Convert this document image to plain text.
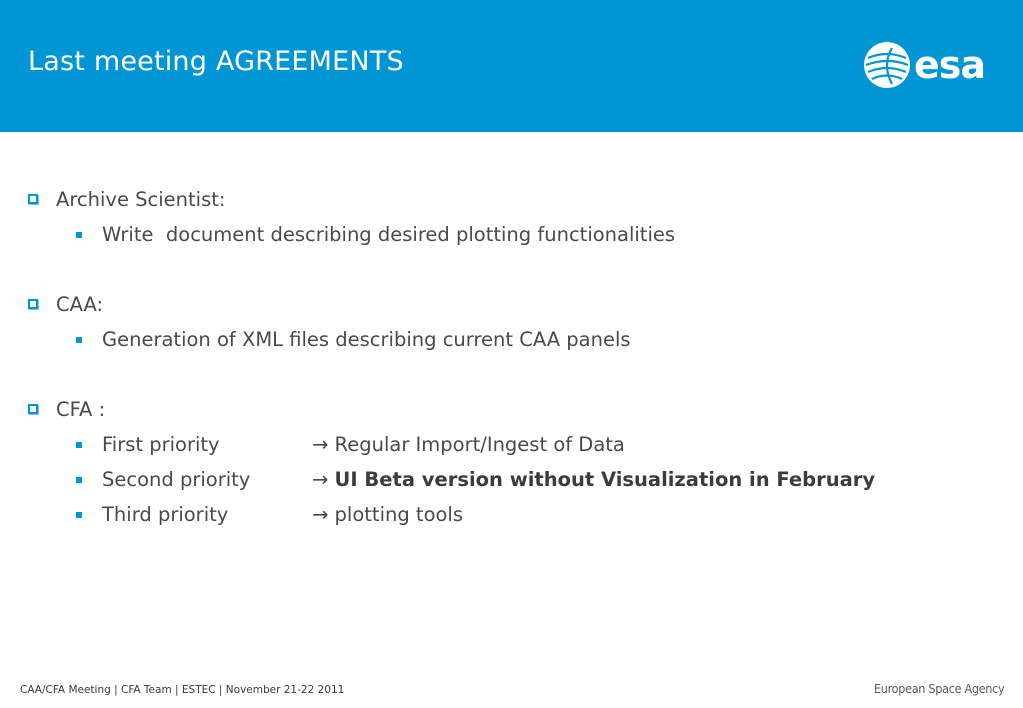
Last meeting AGREEMENTS	esa
Archive Scientist:
Write  document describing desired plotting functionalities
CAA:
Generation of XML files describing current CAA panels
CFA :
First priority	→ Regular Import/Ingest of Data
Second priority	→ UI Beta version without Visualization in February
Third priority	→ plotting tools
CAA/CFA Meeting | CFA Team | ESTEC | November 21-22 2011	European Space Agency
